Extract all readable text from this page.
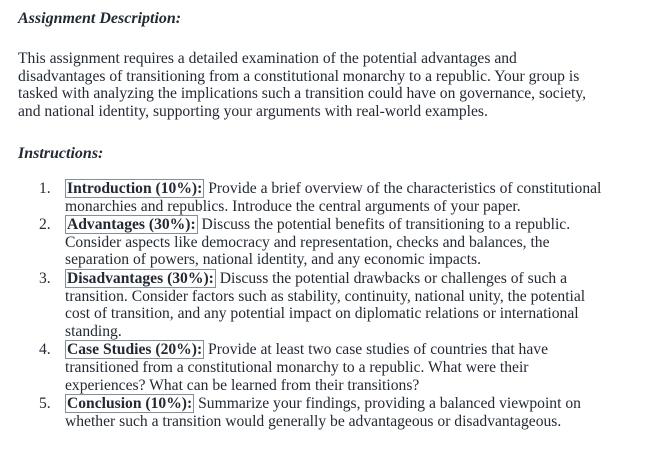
Assignment Description:
This assignment requires a detailed examination of the potential advantages and
disadvantages of transitioning from a constitutional monarchy to a republic. Your group is
tasked with analyzing the implications such a transition could have on governance, society,
and national identity, supporting your arguments with real-world examples.
Instructions:
1. Introduction (10%): Provide a brief overview of the characteristics of constitutional
monarchies and republics. Introduce the central arguments of your paper.
2. Advantages (30%): Discuss the potential benefits of transitioning to a republic.
Consider aspects like democracy and representation, checks and balances, the
separation of powers, national identity, and any economic impacts.
3. Disadvantages (30%): Discuss the potential drawbacks or challenges of such a
transition. Consider factors such as stability, continuity, national unity, the potential
cost of transition, and any potential impact on diplomatic relations or international
standing.
4. Case Studies (20%): Provide at least two case studies of countries that have
transitioned from a constitutional monarchy to a republic. What were their
experiences? What can be learned from their transitions?
5. Conclusion (10%): Summarize your findings, providing a balanced viewpoint on
whether such a transition would generally be advantageous or disadvantageous.
